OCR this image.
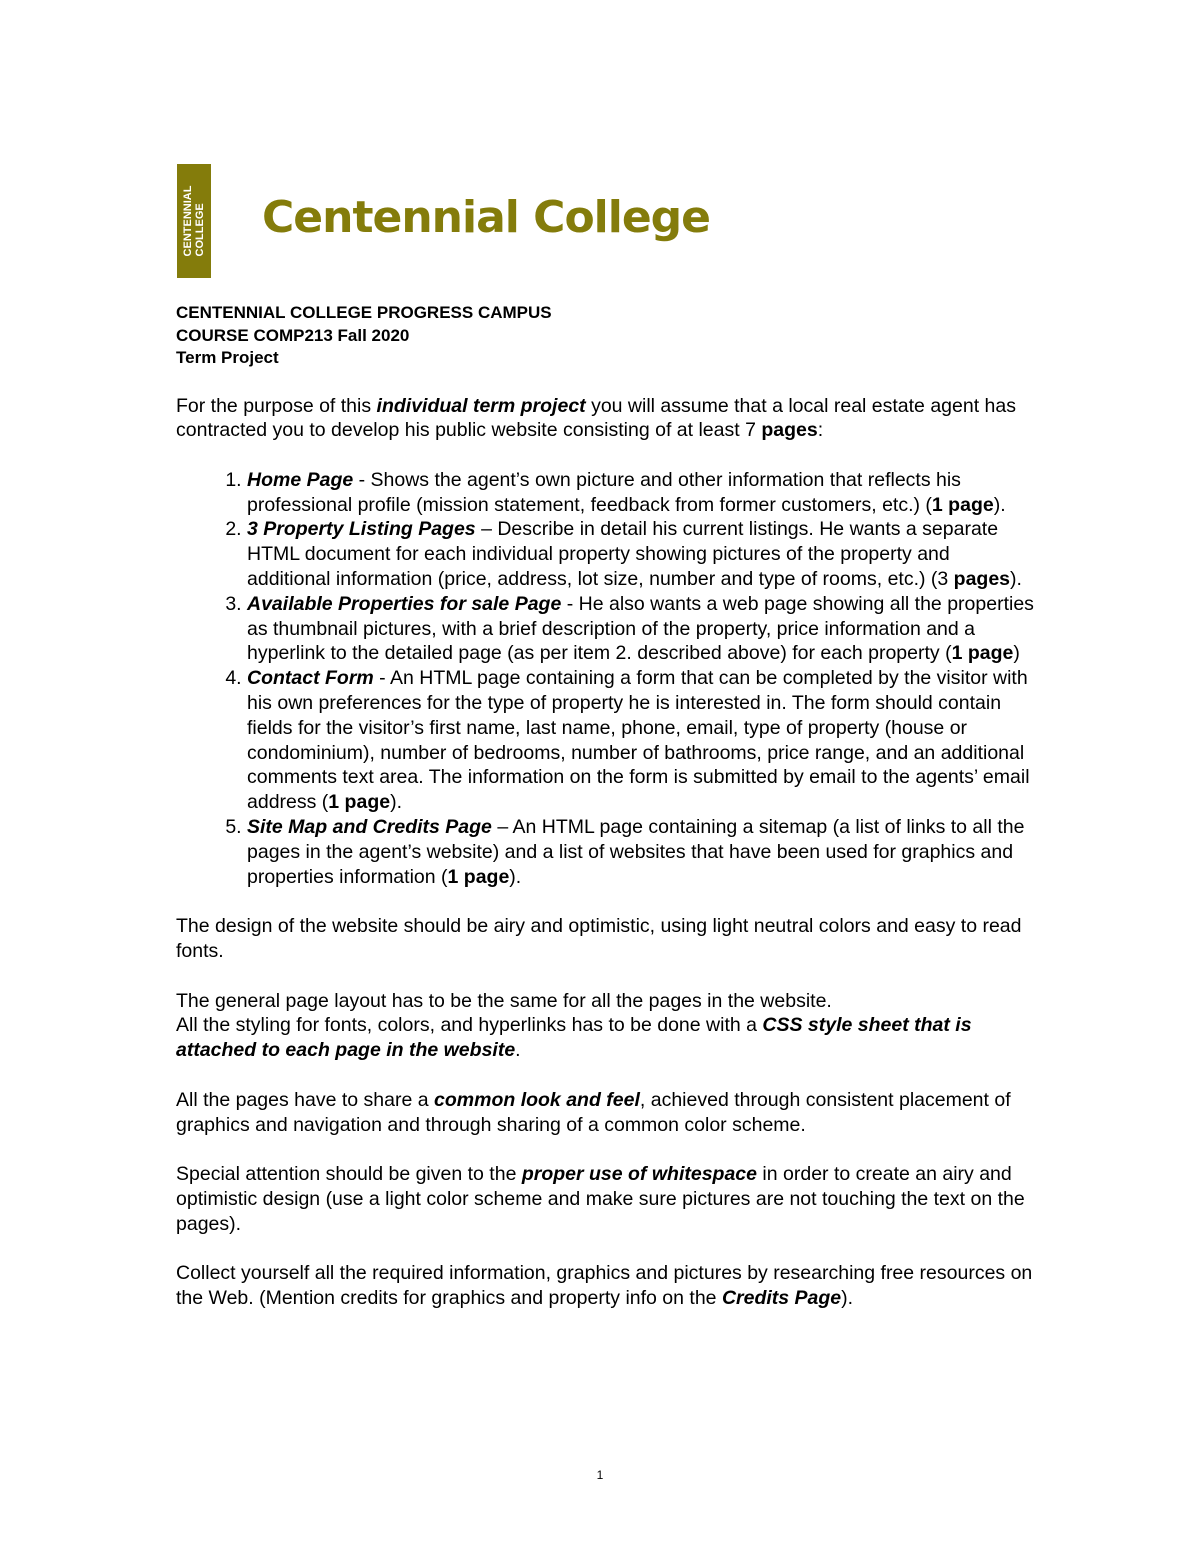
CENTENNIAL COLLEGE Centennial College
CENTENNIAL COLLEGE PROGRESS CAMPUS
COURSE COMP213 Fall 2020
Term Project

For the purpose of this individual term project you will assume that a local real estate agent has contracted you to develop his public website consisting of at least 7 pages:

1. Home Page - Shows the agent’s own picture and other information that reflects his professional profile (mission statement, feedback from former customers, etc.) (1 page).
2. 3 Property Listing Pages – Describe in detail his current listings. He wants a separate HTML document for each individual property showing pictures of the property and additional information (price, address, lot size, number and type of rooms, etc.) (3 pages).
3. Available Properties for sale Page - He also wants a web page showing all the properties as thumbnail pictures, with a brief description of the property, price information and a hyperlink to the detailed page (as per item 2. described above) for each property (1 page)
4. Contact Form - An HTML page containing a form that can be completed by the visitor with his own preferences for the type of property he is interested in. The form should contain fields for the visitor’s first name, last name, phone, email, type of property (house or condominium), number of bedrooms, number of bathrooms, price range, and an additional comments text area. The information on the form is submitted by email to the agents’ email address (1 page).
5. Site Map and Credits Page – An HTML page containing a sitemap (a list of links to all the pages in the agent’s website) and a list of websites that have been used for graphics and properties information (1 page).

The design of the website should be airy and optimistic, using light neutral colors and easy to read fonts.

The general page layout has to be the same for all the pages in the website.
All the styling for fonts, colors, and hyperlinks has to be done with a CSS style sheet that is attached to each page in the website.

All the pages have to share a common look and feel, achieved through consistent placement of graphics and navigation and through sharing of a common color scheme.

Special attention should be given to the proper use of whitespace in order to create an airy and optimistic design (use a light color scheme and make sure pictures are not touching the text on the pages).

Collect yourself all the required information, graphics and pictures by researching free resources on the Web. (Mention credits for graphics and property info on the Credits Page).

1
